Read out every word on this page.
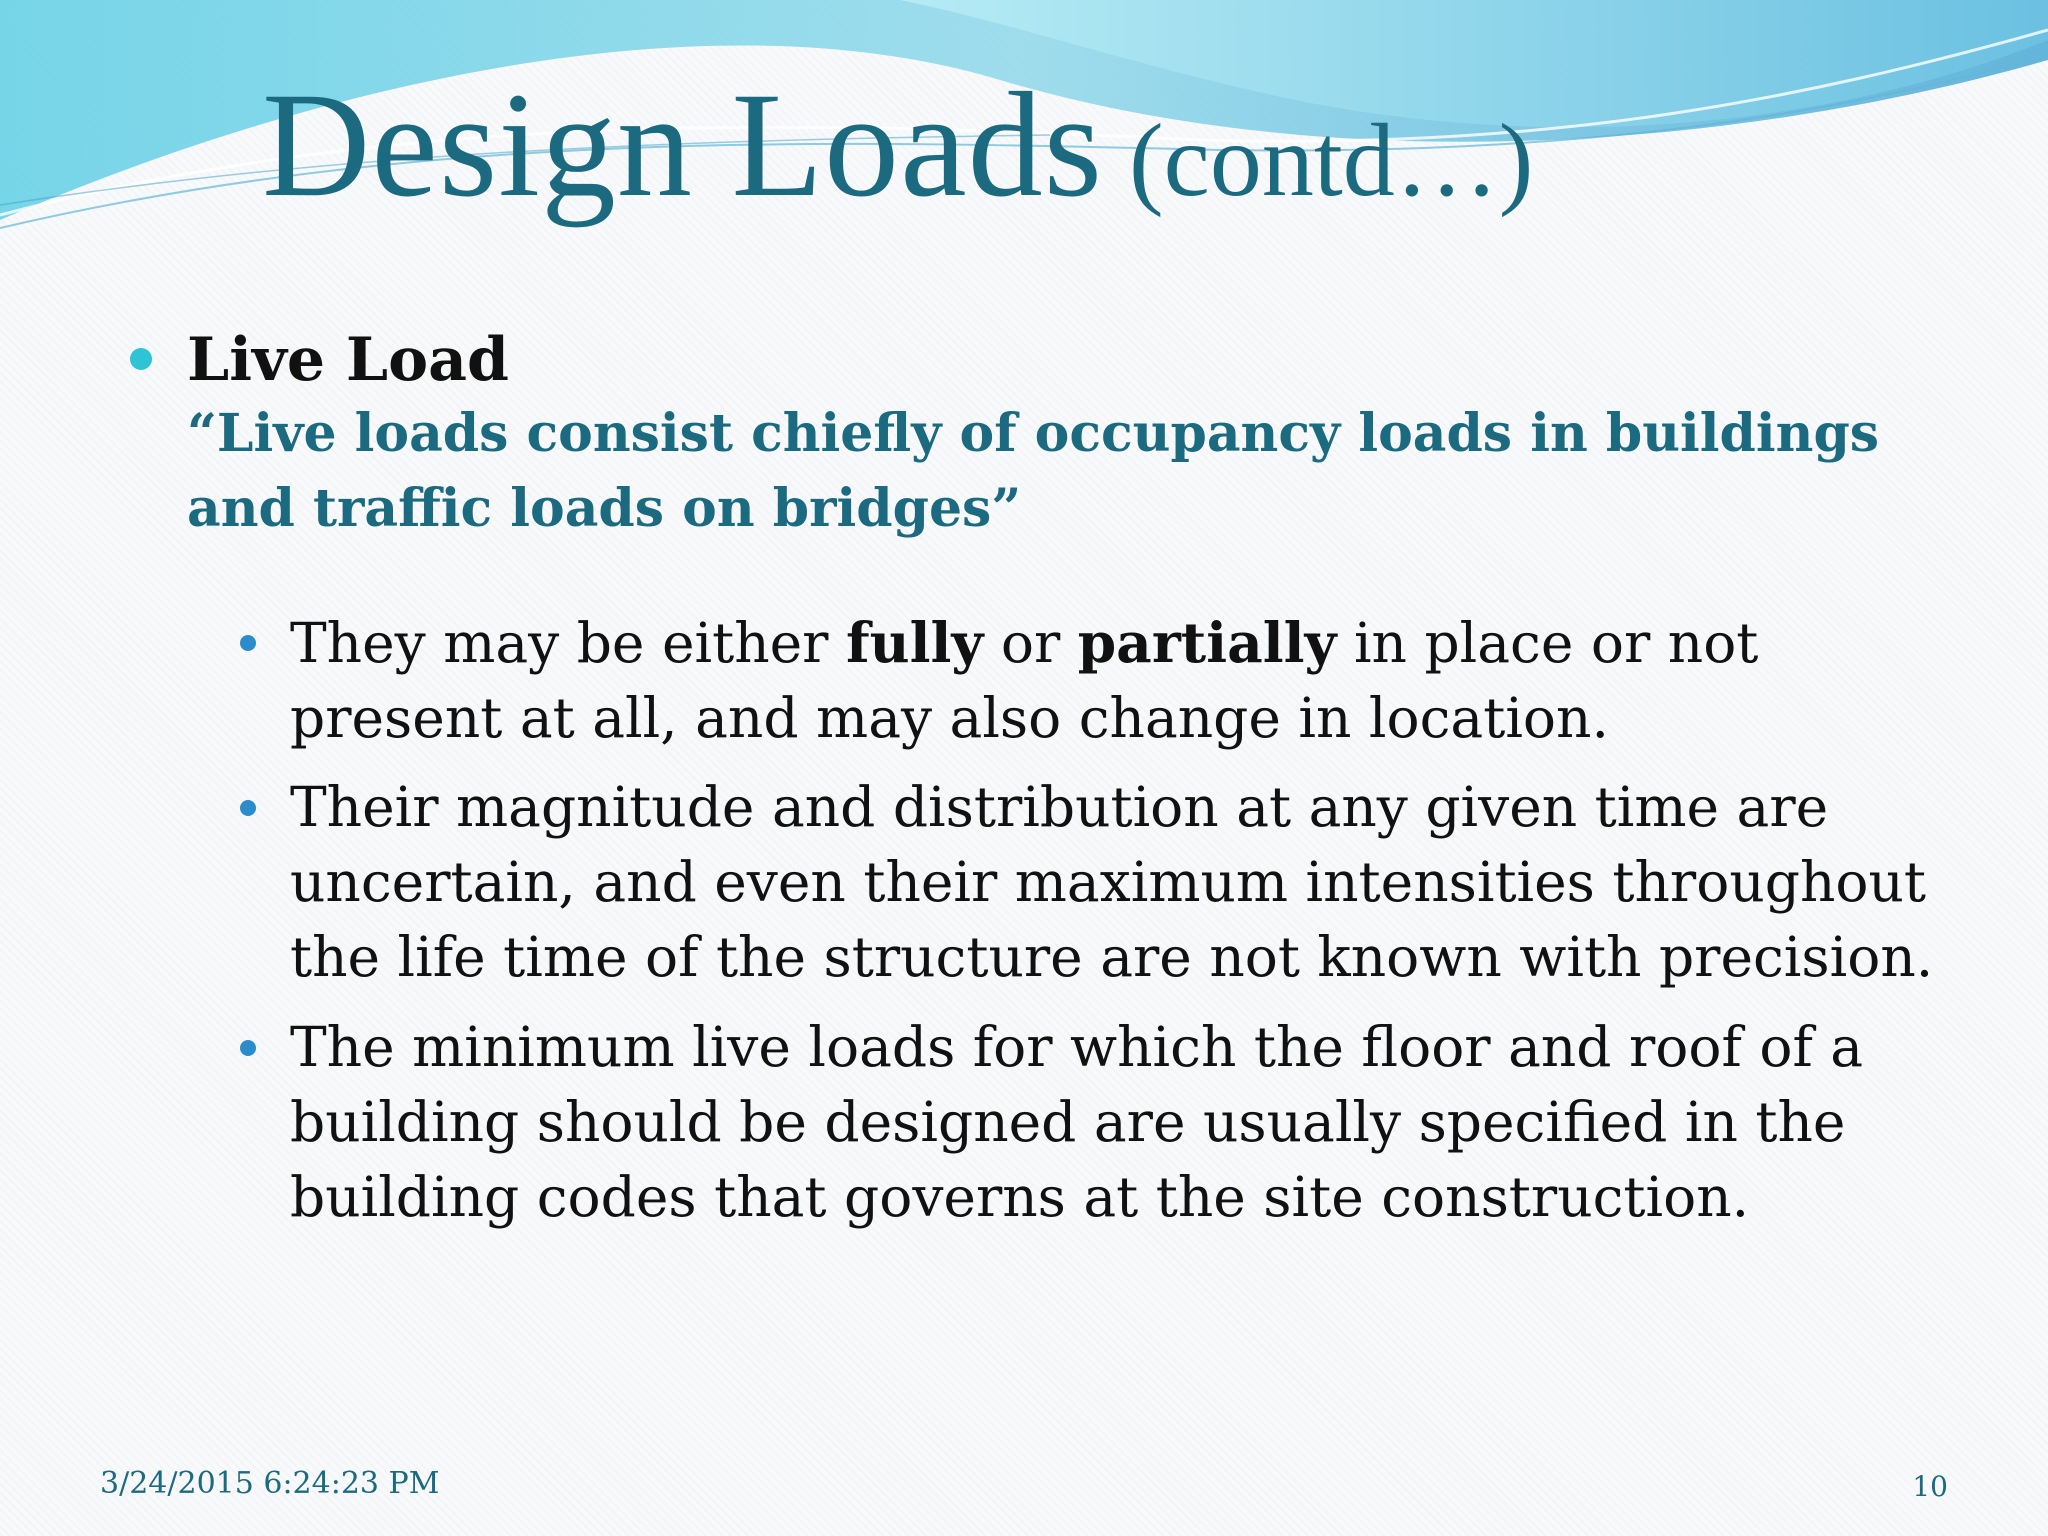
Design Loads (contd…)
Live Load
“Live loads consist chiefly of occupancy loads in buildings and traffic loads on bridges”
They may be either fully or partially in place or not present at all, and may also change in location.
Their magnitude and distribution at any given time are uncertain, and even their maximum intensities throughout the life time of the structure are not known with precision.
The minimum live loads for which the floor and roof of a building should be designed are usually specified in the building codes that governs at the site construction.
3/24/2015 6:24:23 PM	10
